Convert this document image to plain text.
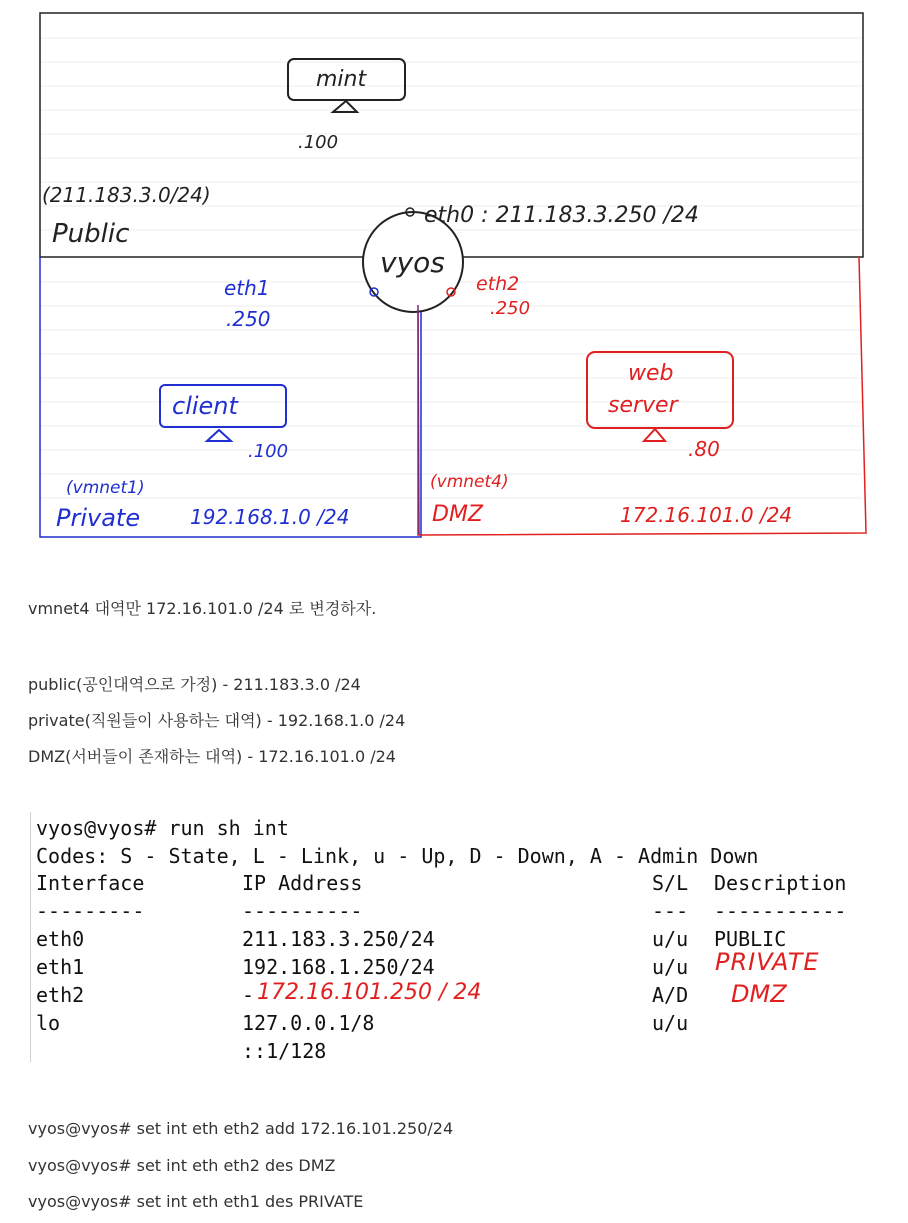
mint
.100
(211.183.3.0/24)
Public
vyos
eth0 : 211.183.3.250 /24
eth1
.250
client
.100
(vmnet1)
Private 192.168.1.0 /24
eth2
.250
web
server
.80
(vmnet4)
DMZ	172.16.101.0 /24
vmnet4 대역만 172.16.101.0 /24 로 변경하자.
public(공인대역으로 가정) - 211.183.3.0 /24
private(직원들이 사용하는 대역) - 192.168.1.0 /24
DMZ(서버들이 존재하는 대역) - 172.16.101.0 /24
vyos@vyos# run sh int
Codes: S - State, L - Link, u - Up, D - Down, A - Admin Down
Interface	IP Address	S/L Description
---------	----------	--- -----------
eth0	211.183.3.250/24	u/u PUBLIC
eth1	192.168.1.250/24	u/u PRIVATE
eth2	- 172.16.101.250 / 24	A/D DMZ
lo	127.0.0.1/8	u/u
::1/128
vyos@vyos# set int eth eth2 add 172.16.101.250/24
vyos@vyos# set int eth eth2 des DMZ
vyos@vyos# set int eth eth1 des PRIVATE
